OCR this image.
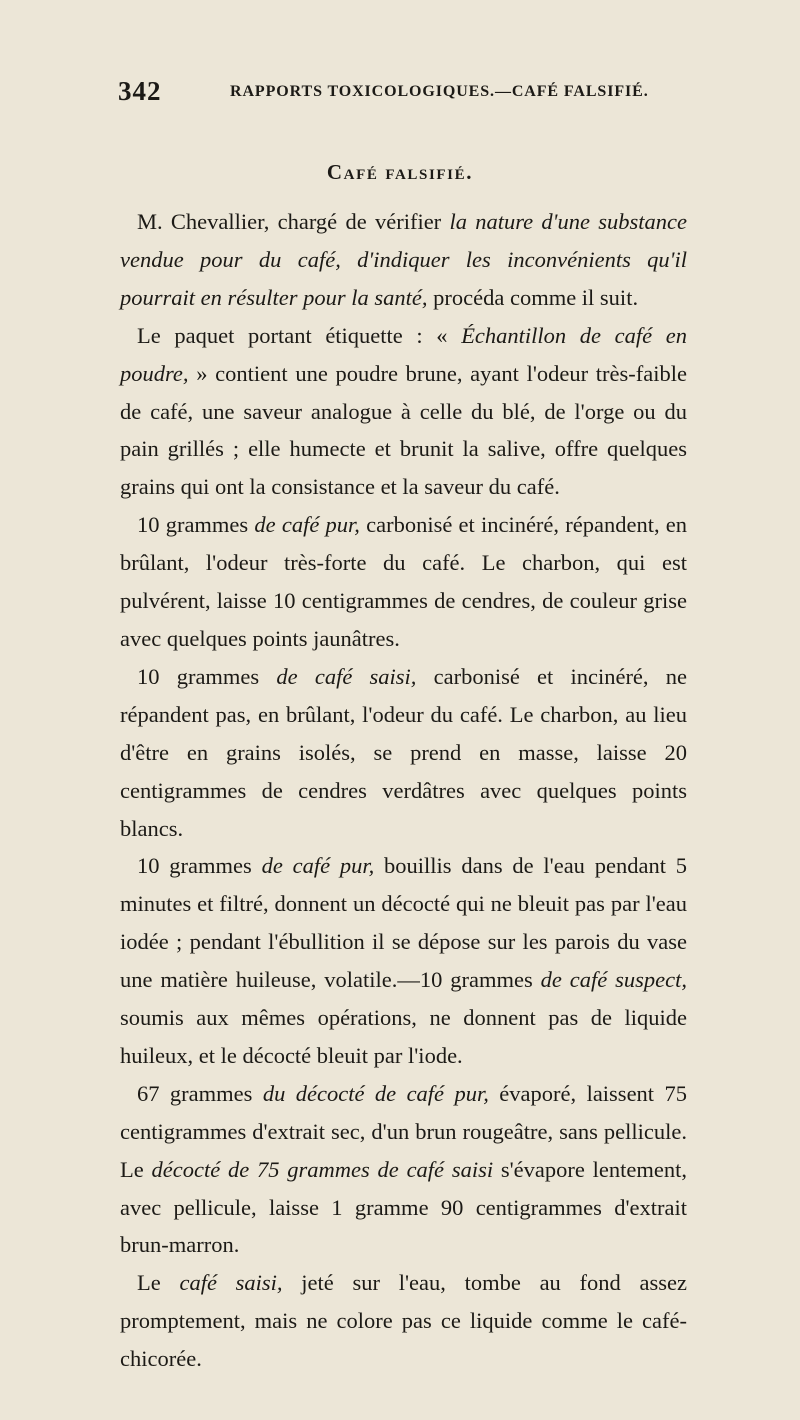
342	RAPPORTS TOXICOLOGIQUES.—CAFÉ FALSIFIÉ.
Café falsifié.

M. Chevallier, chargé de vérifier la nature d'une substance vendue pour du café, d'indiquer les inconvénients qu'il pourrait en résulter pour la santé, procéda comme il suit.

Le paquet portant étiquette : « Échantillon de café en poudre, » contient une poudre brune, ayant l'odeur très-faible de café, une saveur analogue à celle du blé, de l'orge ou du pain grillés ; elle humecte et brunit la salive, offre quelques grains qui ont la consistance et la saveur du café.

10 grammes de café pur, carbonisé et incinéré, répandent, en brûlant, l'odeur très-forte du café. Le charbon, qui est pulvérent, laisse 10 centigrammes de cendres, de couleur grise avec quelques points jaunâtres.

10 grammes de café saisi, carbonisé et incinéré, ne répandent pas, en brûlant, l'odeur du café. Le charbon, au lieu d'être en grains isolés, se prend en masse, laisse 20 centigrammes de cendres verdâtres avec quelques points blancs.

10 grammes de café pur, bouillis dans de l'eau pendant 5 minutes et filtré, donnent un décocté qui ne bleuit pas par l'eau iodée ; pendant l'ébullition il se dépose sur les parois du vase une matière huileuse, volatile.—10 grammes de café suspect, soumis aux mêmes opérations, ne donnent pas de liquide huileux, et le décocté bleuit par l'iode.

67 grammes du décocté de café pur, évaporé, laissent 75 centigrammes d'extrait sec, d'un brun rougeâtre, sans pellicule. Le décocté de 75 grammes de café saisi s'évapore lentement, avec pellicule, laisse 1 gramme 90 centigrammes d'extrait brun-marron.

Le café saisi, jeté sur l'eau, tombe au fond assez promptement, mais ne colore pas ce liquide comme le café-chicorée.
